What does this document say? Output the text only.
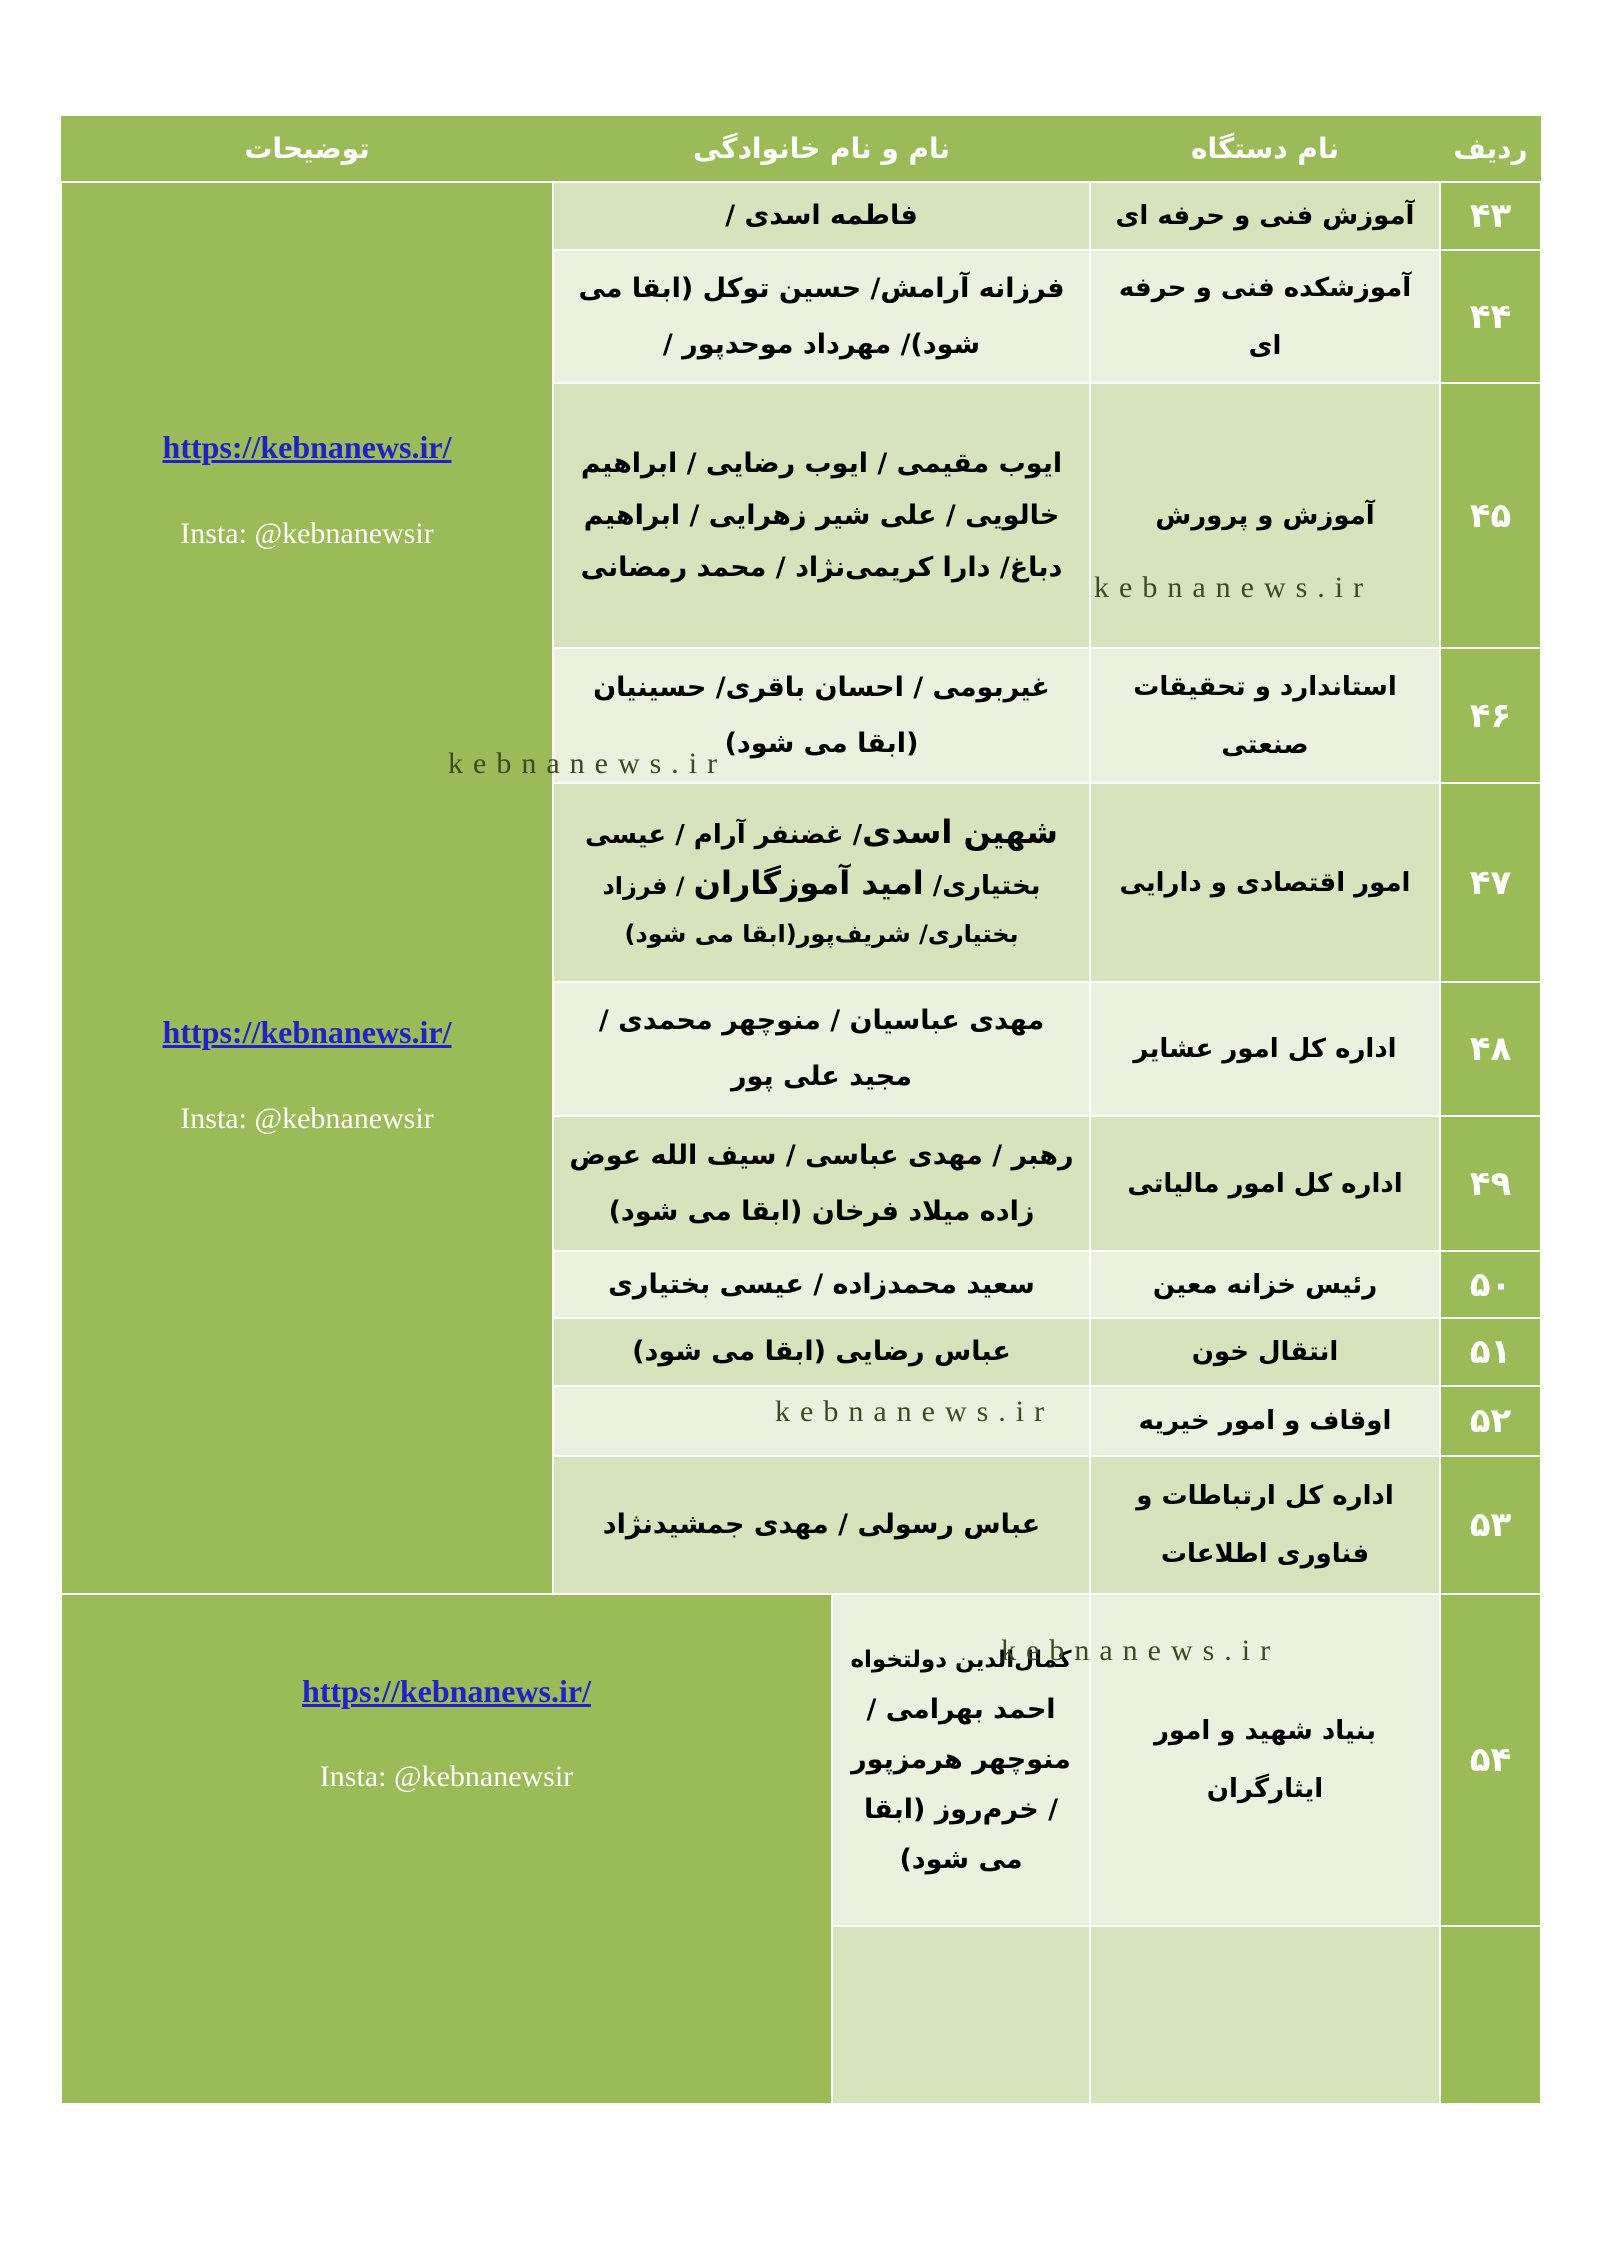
ردیف
نام دستگاه
نام و نام خانوادگی
توضیحات
۴۳
آموزش فنی و حرفه ای
فاطمه اسدی /
۴۴
آموزشکده فنی و حرفه ای
فرزانه آرامش/ حسین توکل (ابقا می شود)/ مهرداد موحدپور /
۴۵
آموزش و پرورش
ایوب مقیمی / ایوب رضایی / ابراهیم خالویی / علی شیر زهرایی / ابراهیم دباغ/ دارا کریمی‌نژاد / محمد رمضانی
۴۶
استاندارد و تحقیقات صنعتی
غیربومی / احسان باقری/ حسینیان (ابقا می شود)
۴۷
امور اقتصادی و دارایی
شهین اسدی/ غضنفر آرام / عیسی بختیاری/ امید آموزگاران / فرزاد بختیاری/ شریف‌پور(ابقا می شود)
۴۸
اداره کل امور عشایر
مهدی عباسیان / منوچهر محمدی / مجید علی پور
۴۹
اداره کل امور مالیاتی
رهبر / مهدی عباسی / سیف الله عوض زاده میلاد فرخان (ابقا می شود)
۵۰
رئیس خزانه معین
سعید محمدزاده / عیسی بختیاری
۵۱
انتقال خون
عباس رضایی (ابقا می شود)
۵۲
اوقاف و امور خیریه
۵۳
اداره کل ارتباطات و فناوری اطلاعات
عباس رسولی / مهدی جمشیدنژاد
https://kebnanews.ir/
Insta: @kebnanewsir
https://kebnanews.ir/
Insta: @kebnanewsir
۵۴
بنیاد شهید و امور ایثارگران
کمال‌الدین دولتخواه
احمد بهرامی / منوچهر هرمزپور / خرم‌روز (ابقا می شود)
https://kebnanews.ir/
Insta: @kebnanewsir
kebnanews.ir
kebnanews.ir
kebnanews.ir
kebnanews.ir
